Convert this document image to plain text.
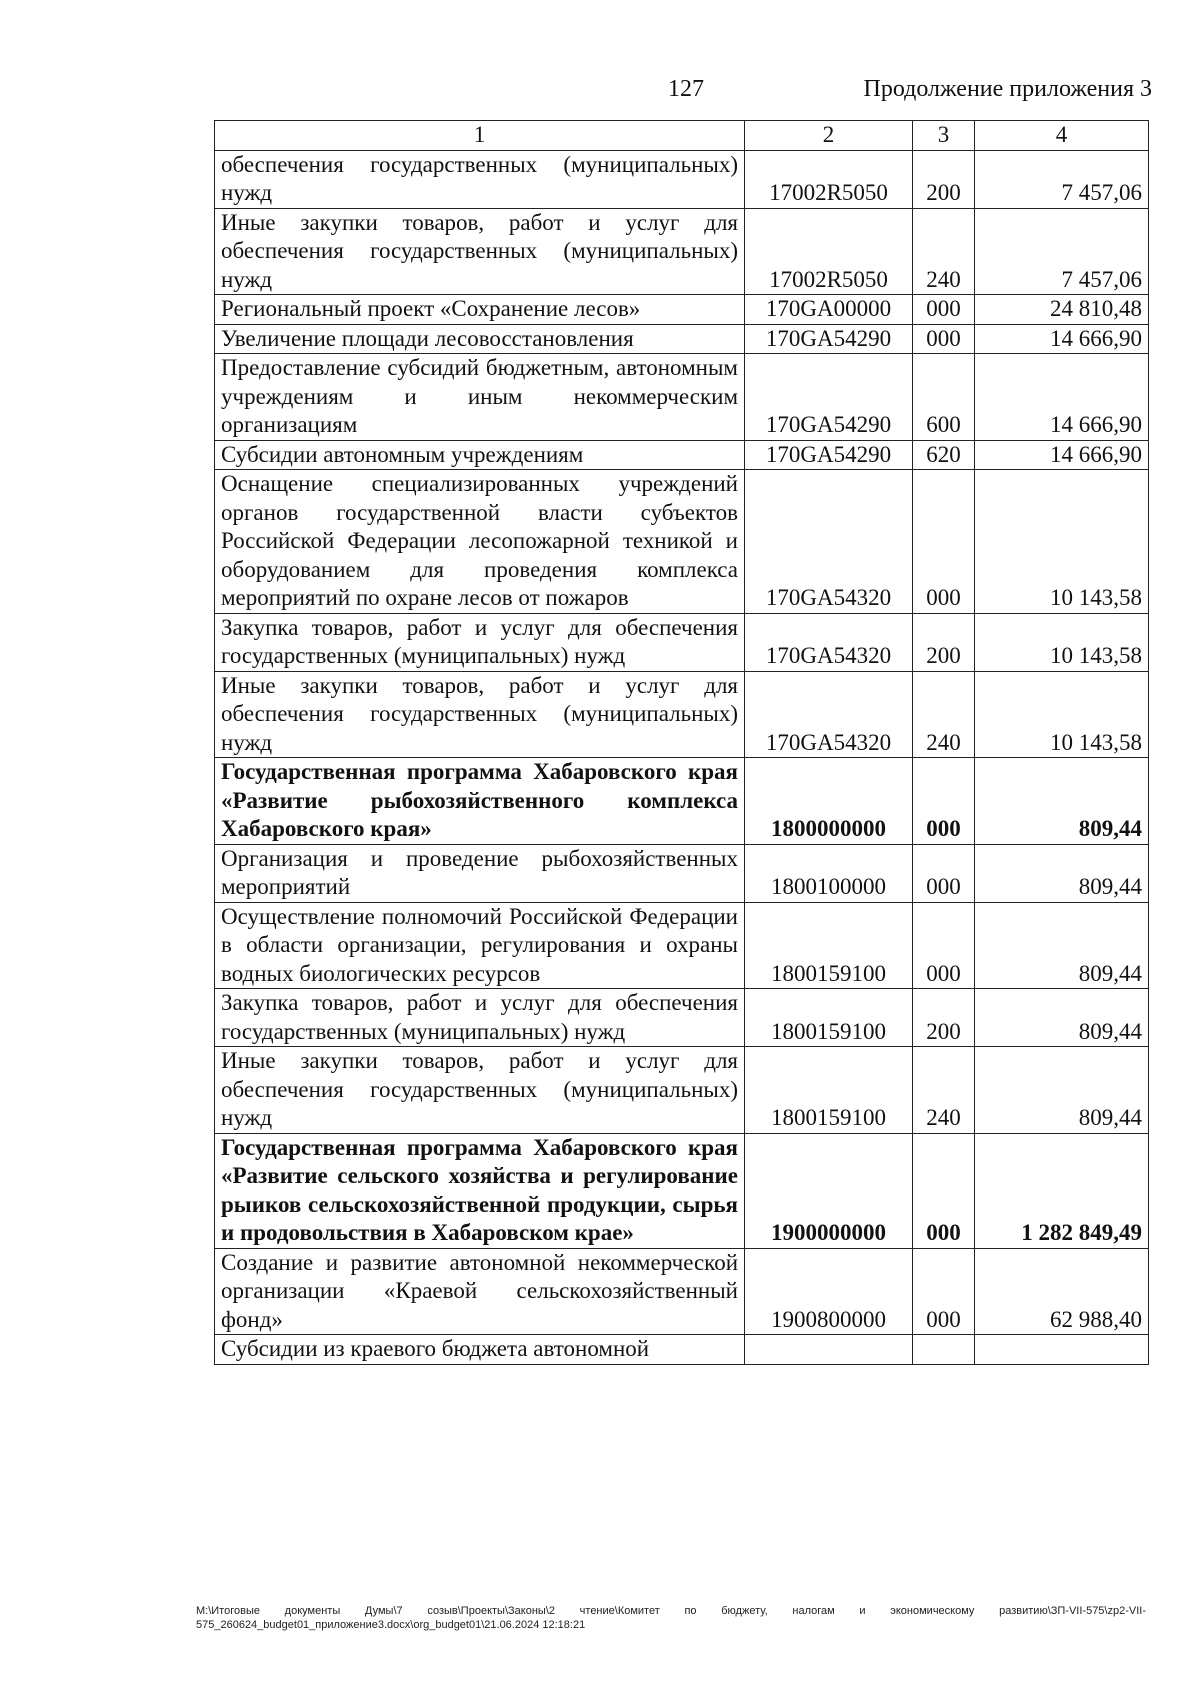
127	Продолжение приложения 3
1	2	3	4
обеспечения государственных (муниципальных) нужд	17002R5050	200	7 457,06
Иные закупки товаров, работ и услуг для обеспечения государственных (муниципальных) нужд	17002R5050	240	7 457,06
Региональный проект «Сохранение лесов»	170GA00000	000	24 810,48
Увеличение площади лесовосстановления	170GA54290	000	14 666,90
Предоставление субсидий бюджетным, автономным учреждениям и иным некоммерческим организациям	170GA54290	600	14 666,90
Субсидии автономным учреждениям	170GA54290	620	14 666,90
Оснащение специализированных учреждений органов государственной власти субъектов Российской Федерации лесопожарной техникой и оборудованием для проведения комплекса мероприятий по охране лесов от пожаров	170GA54320	000	10 143,58
Закупка товаров, работ и услуг для обеспечения государственных (муниципальных) нужд	170GA54320	200	10 143,58
Иные закупки товаров, работ и услуг для обеспечения государственных (муниципальных) нужд	170GA54320	240	10 143,58
Государственная программа Хабаровского края «Развитие рыбохозяйственного комплекса Хабаровского края»	1800000000	000	809,44
Организация и проведение рыбохозяйственных мероприятий	1800100000	000	809,44
Осуществление полномочий Российской Федерации в области организации, регулирования и охраны водных биологических ресурсов	1800159100	000	809,44
Закупка товаров, работ и услуг для обеспечения государственных (муниципальных) нужд	1800159100	200	809,44
Иные закупки товаров, работ и услуг для обеспечения государственных (муниципальных) нужд	1800159100	240	809,44
Государственная программа Хабаровского края «Развитие сельского хозяйства и регулирование рыиков сельскохозяйственной продукции, сырья и продовольствия в Хабаровском крае»	1900000000	000	1 282 849,49
Создание и развитие автономной некоммерческой организации «Краевой сельскохозяйственный фонд»	1900800000	000	62 988,40
Субсидии из краевого бюджета автономной			
M:\Итоговые документы Думы\7 созыв\Проекты\Законы\2 чтение\Комитет по бюджету, налогам и экономическому развитию\ЗП-VII-575\zp2-VII-575_260624_budget01_приложение3.docx\org_budget01\21.06.2024 12:18:21
